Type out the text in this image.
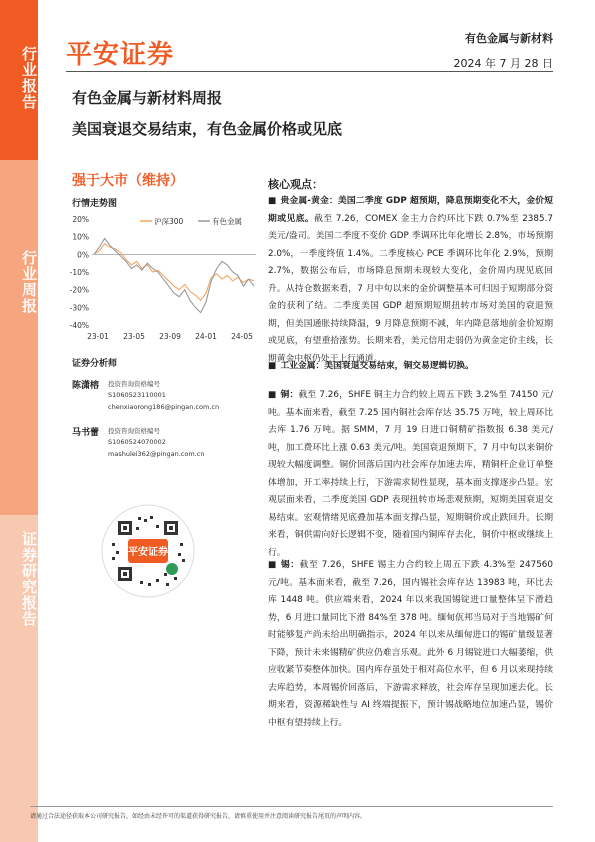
行业报告
行业周报
证券研究报告
平安证券
有色金属与新材料
2024 年 7 月 28 日
有色金属与新材料周报
美国衰退交易结束，有色金属价格或见底
强于大市（维持）
行情走势图
20%
10%
0%
-10%
-20%
-30%
-40%
23-01 23-05 23-09 24-01 24-05
沪深300	有色金属
证券分析师
陈潇榕 投资咨询资格编号
S1060523110001
chenxiaorong186@pingan.com.cn
马书蕾 投资咨询资格编号
S1060524070002
mashulei362@pingan.com.cn
平安证券
核心观点：
■ 贵金属-黄金：美国二季度 GDP 超预期，降息预期变化不大，金价短期或见底。截至 7.26，COMEX 金主力合约环比下跌 0.7%至 2385.7 美元/盎司。美国二季度不变价 GDP 季调环比年化增长 2.8%，市场预期 2.0%，一季度终值 1.4%。二季度核心 PCE 季调环比年化 2.9%，预期 2.7%，数据公布后，市场降息预期未现较大变化，金价周内现见底回升。从持仓数据来看，7 月中旬以来的金价调整基本可归因于短期部分资金的获利了结。二季度美国 GDP 超预期短期扭转市场对美国的衰退预期，但美国通胀持续降温，9 月降息预期不减，年内降息落地前金价短期或见底，有望重拾涨势。长期来看，美元信用走弱仍为黄金定价主线，长期黄金中枢仍处于上行通道。
■ 工业金属：美国衰退交易结束，铜交易逻辑切换。
■ 铜：截至 7.26，SHFE 铜主力合约较上周五下跌 3.2%至 74150 元/吨。基本面来看，截至 7.25 国内铜社会库存达 35.75 万吨，较上周环比去库 1.76 万吨。据 SMM，7 月 19 日进口铜精矿指数报 6.38 美元/吨，加工费环比上涨 0.63 美元/吨。美国衰退预期下，7 月中旬以来铜价现较大幅度调整。铜价回落后国内社会库存加速去库，精铜杆企业订单整体增加，开工率持续上行，下游需求韧性显现，基本面支撑逐步凸显。宏观层面来看，二季度美国 GDP 表现扭转市场悲观预期，短期美国衰退交易结束。宏观情绪见底叠加基本面支撑凸显，短期铜价或止跌回升。长期来看，铜供需向好长逻辑不变，随着国内铜库存去化，铜价中枢或继续上行。
■ 锡：截至 7.26，SHFE 锡主力合约较上周五下跌 4.3%至 247560 元/吨。基本面来看，截至 7.26，国内锡社会库存达 13983 吨，环比去库 1448 吨。供应端来看，2024 年以来我国锡锭进口量整体呈下滑趋势，6 月进口量同比下滑 84%至 378 吨。缅甸佤邦当局对于当地锡矿何时能够复产尚未给出明确指示，2024 年以来从缅甸进口的锡矿量级显著下降，预计未来锡精矿供应仍难言乐观。此外 6 月锡锭进口大幅萎缩，供应收紧节奏整体加快。国内库存虽处于相对高位水平，但 6 月以来现持续去库趋势，本周锡价回落后，下游需求释放，社会库存呈现加速去化。长期来看，资源稀缺性与 AI 终端提振下，预计锡战略地位加速凸显，锡价中枢有望持续上行。
请通过合法途径获取本公司研究报告，如经由未经许可的渠道获得研究报告，请慎重使用并注意阅读研究报告尾页的声明内容。
